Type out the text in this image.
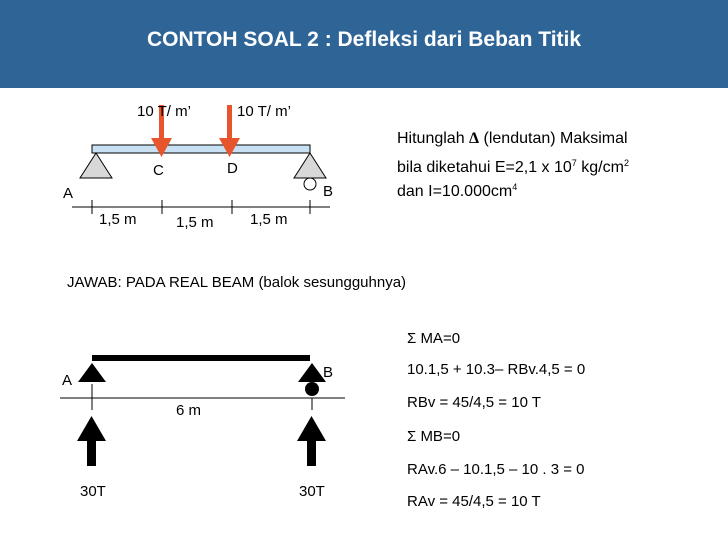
CONTOH SOAL 2 : Defleksi dari Beban Titik
10 T/ m’	10 T/ m’
C	D
A	B
1,5 m	1,5 m 1,5 m
Hitunglah Δ (lendutan) Maksimal
bila diketahui E=2,1 x $10^7$ $kg/cm^2$
dan $I=10.000cm^4$
JAWAB: PADA REAL BEAM (balok sesungguhnya)
A	B
6 m
30T	30T
Σ MA=0
10.1,5 + 10.3– RBv.4,5 = 0
RBv = 45/4,5 = 10 T
Σ MB=0
RAv.6 – 10.1,5 – 10 . 3 = 0
RAv = 45/4,5 = 10 T
